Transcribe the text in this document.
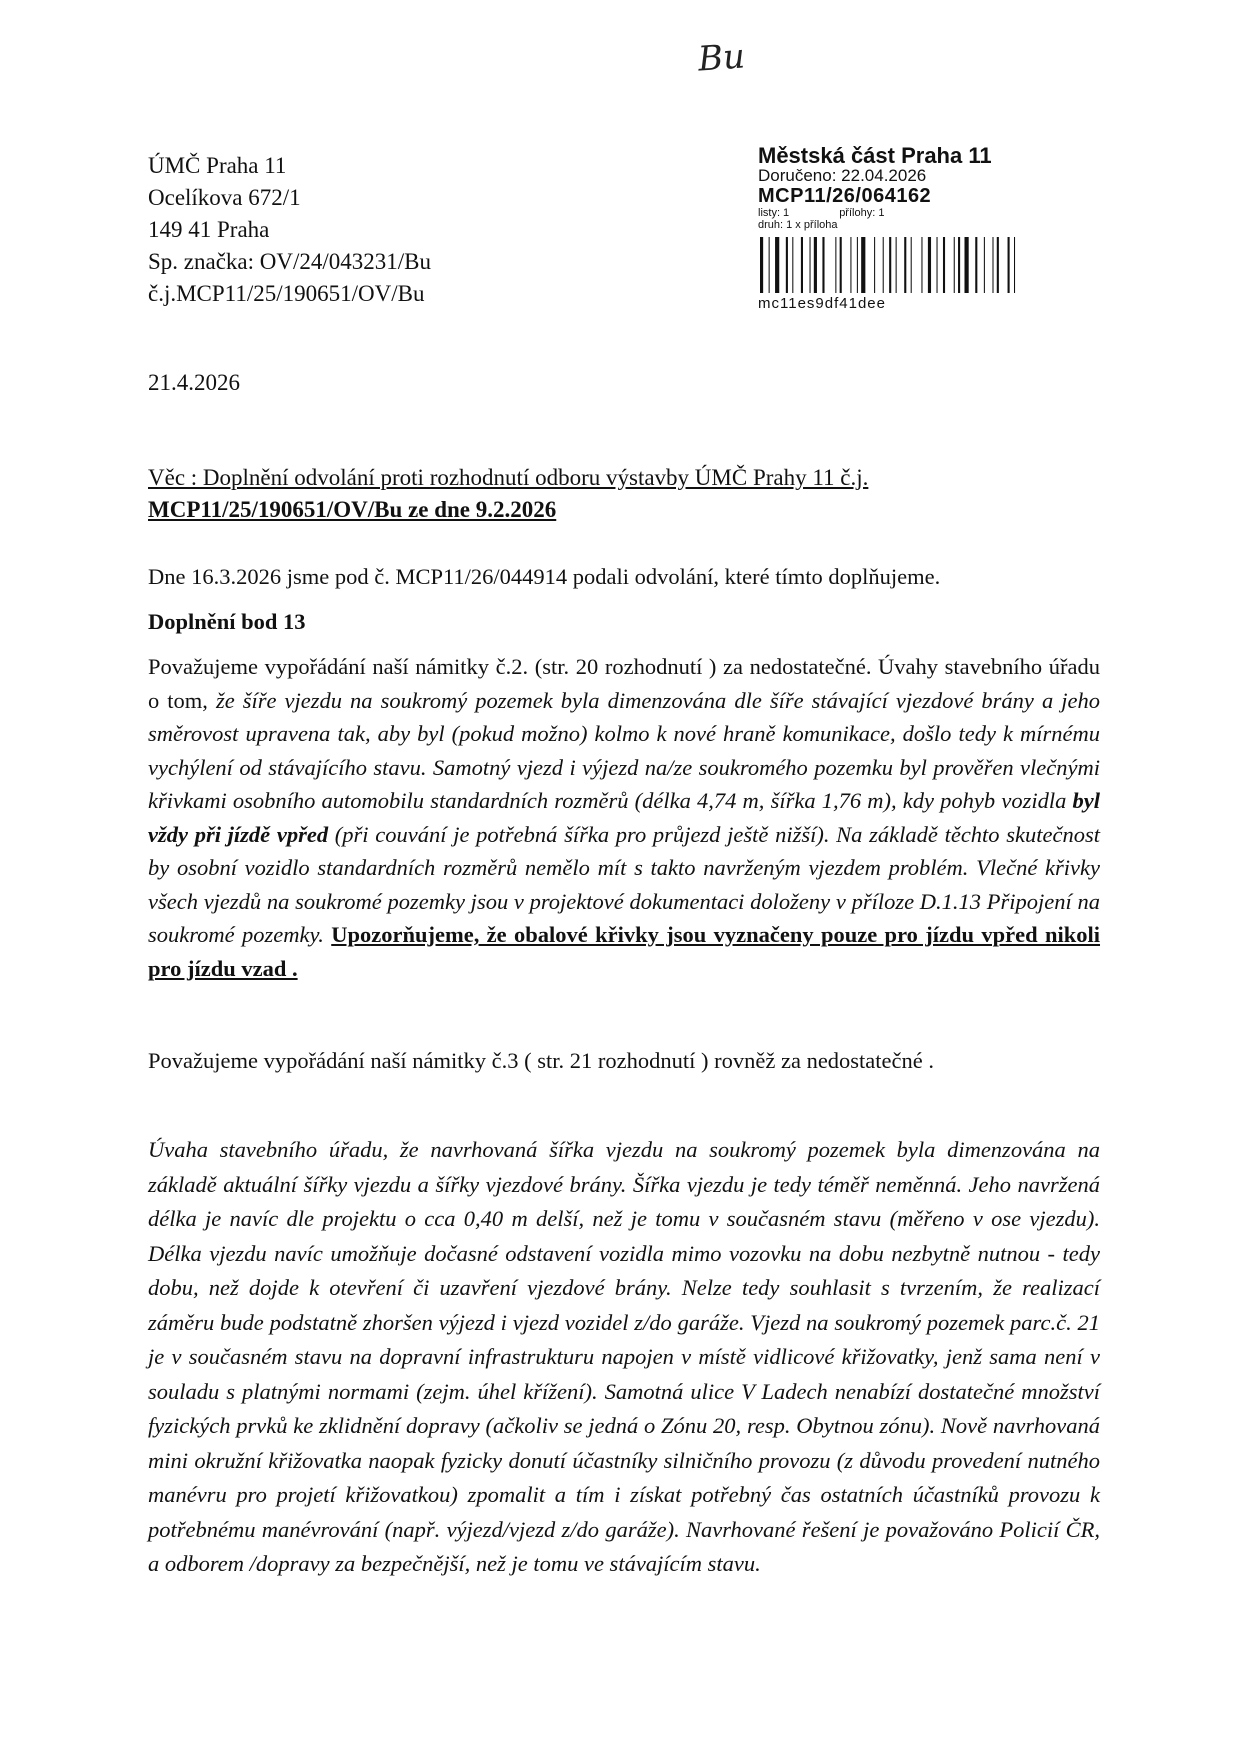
Bu
ÚMČ Praha 11
Ocelíkova 672/1
149 41 Praha
Sp. značka: OV/24/043231/Bu
č.j.MCP11/25/190651/OV/Bu
Městská část Praha 11
Doručeno: 22.04.2026
MCP11/26/064162
listy: 1	přílohy: 1
druh: 1 x příloha
mc11es9df41dee
21.4.2026
Věc : Doplnění odvolání proti rozhodnutí odboru výstavby ÚMČ Prahy 11 č.j.
MCP11/25/190651/OV/Bu ze dne 9.2.2026
Dne 16.3.2026 jsme pod č. MCP11/26/044914 podali odvolání, které tímto doplňujeme.
Doplnění bod 13
Považujeme vypořádání naší námitky č.2. (str. 20 rozhodnutí ) za nedostatečné. Úvahy stavebního úřadu o tom, že šíře vjezdu na soukromý pozemek byla dimenzována dle šíře stávající vjezdové brány a jeho směrovost upravena tak, aby byl (pokud možno) kolmo k nové hraně komunikace, došlo tedy k mírnému vychýlení od stávajícího stavu. Samotný vjezd i výjezd na/ze soukromého pozemku byl prověřen vlečnými křivkami osobního automobilu standardních rozměrů (délka 4,74 m, šířka 1,76 m), kdy pohyb vozidla byl vždy při jízdě vpřed (při couvání je potřebná šířka pro průjezd ještě nižší). Na základě těchto skutečnost by osobní vozidlo standardních rozměrů nemělo mít s takto navrženým vjezdem problém. Vlečné křivky všech vjezdů na soukromé pozemky jsou v projektové dokumentaci doloženy v příloze D.1.13 Připojení na soukromé pozemky. Upozorňujeme, že obalové křivky jsou vyznačeny pouze pro jízdu vpřed nikoli pro jízdu vzad .
Považujeme vypořádání naší námitky č.3 ( str. 21 rozhodnutí ) rovněž za nedostatečné .
Úvaha stavebního úřadu, že navrhovaná šířka vjezdu na soukromý pozemek byla dimenzována na základě aktuální šířky vjezdu a šířky vjezdové brány. Šířka vjezdu je tedy téměř neměnná. Jeho navržená délka je navíc dle projektu o cca 0,40 m delší, než je tomu v současném stavu (měřeno v ose vjezdu). Délka vjezdu navíc umožňuje dočasné odstavení vozidla mimo vozovku na dobu nezbytně nutnou - tedy dobu, než dojde k otevření či uzavření vjezdové brány. Nelze tedy souhlasit s tvrzením, že realizací záměru bude podstatně zhoršen výjezd i vjezd vozidel z/do garáže. Vjezd na soukromý pozemek parc.č. 21 je v současném stavu na dopravní infrastrukturu napojen v místě vidlicové křižovatky, jenž sama není v souladu s platnými normami (zejm. úhel křížení). Samotná ulice V Ladech nenabízí dostatečné množství fyzických prvků ke zklidnění dopravy (ačkoliv se jedná o Zónu 20, resp. Obytnou zónu). Nově navrhovaná mini okružní křižovatka naopak fyzicky donutí účastníky silničního provozu (z důvodu provedení nutného manévru pro projetí křižovatkou) zpomalit a tím i získat potřebný čas ostatních účastníků provozu k potřebnému manévrování (např. výjezd/vjezd z/do garáže). Navrhované řešení je považováno Policií ČR, a odborem /dopravy za bezpečnější, než je tomu ve stávajícím stavu.
